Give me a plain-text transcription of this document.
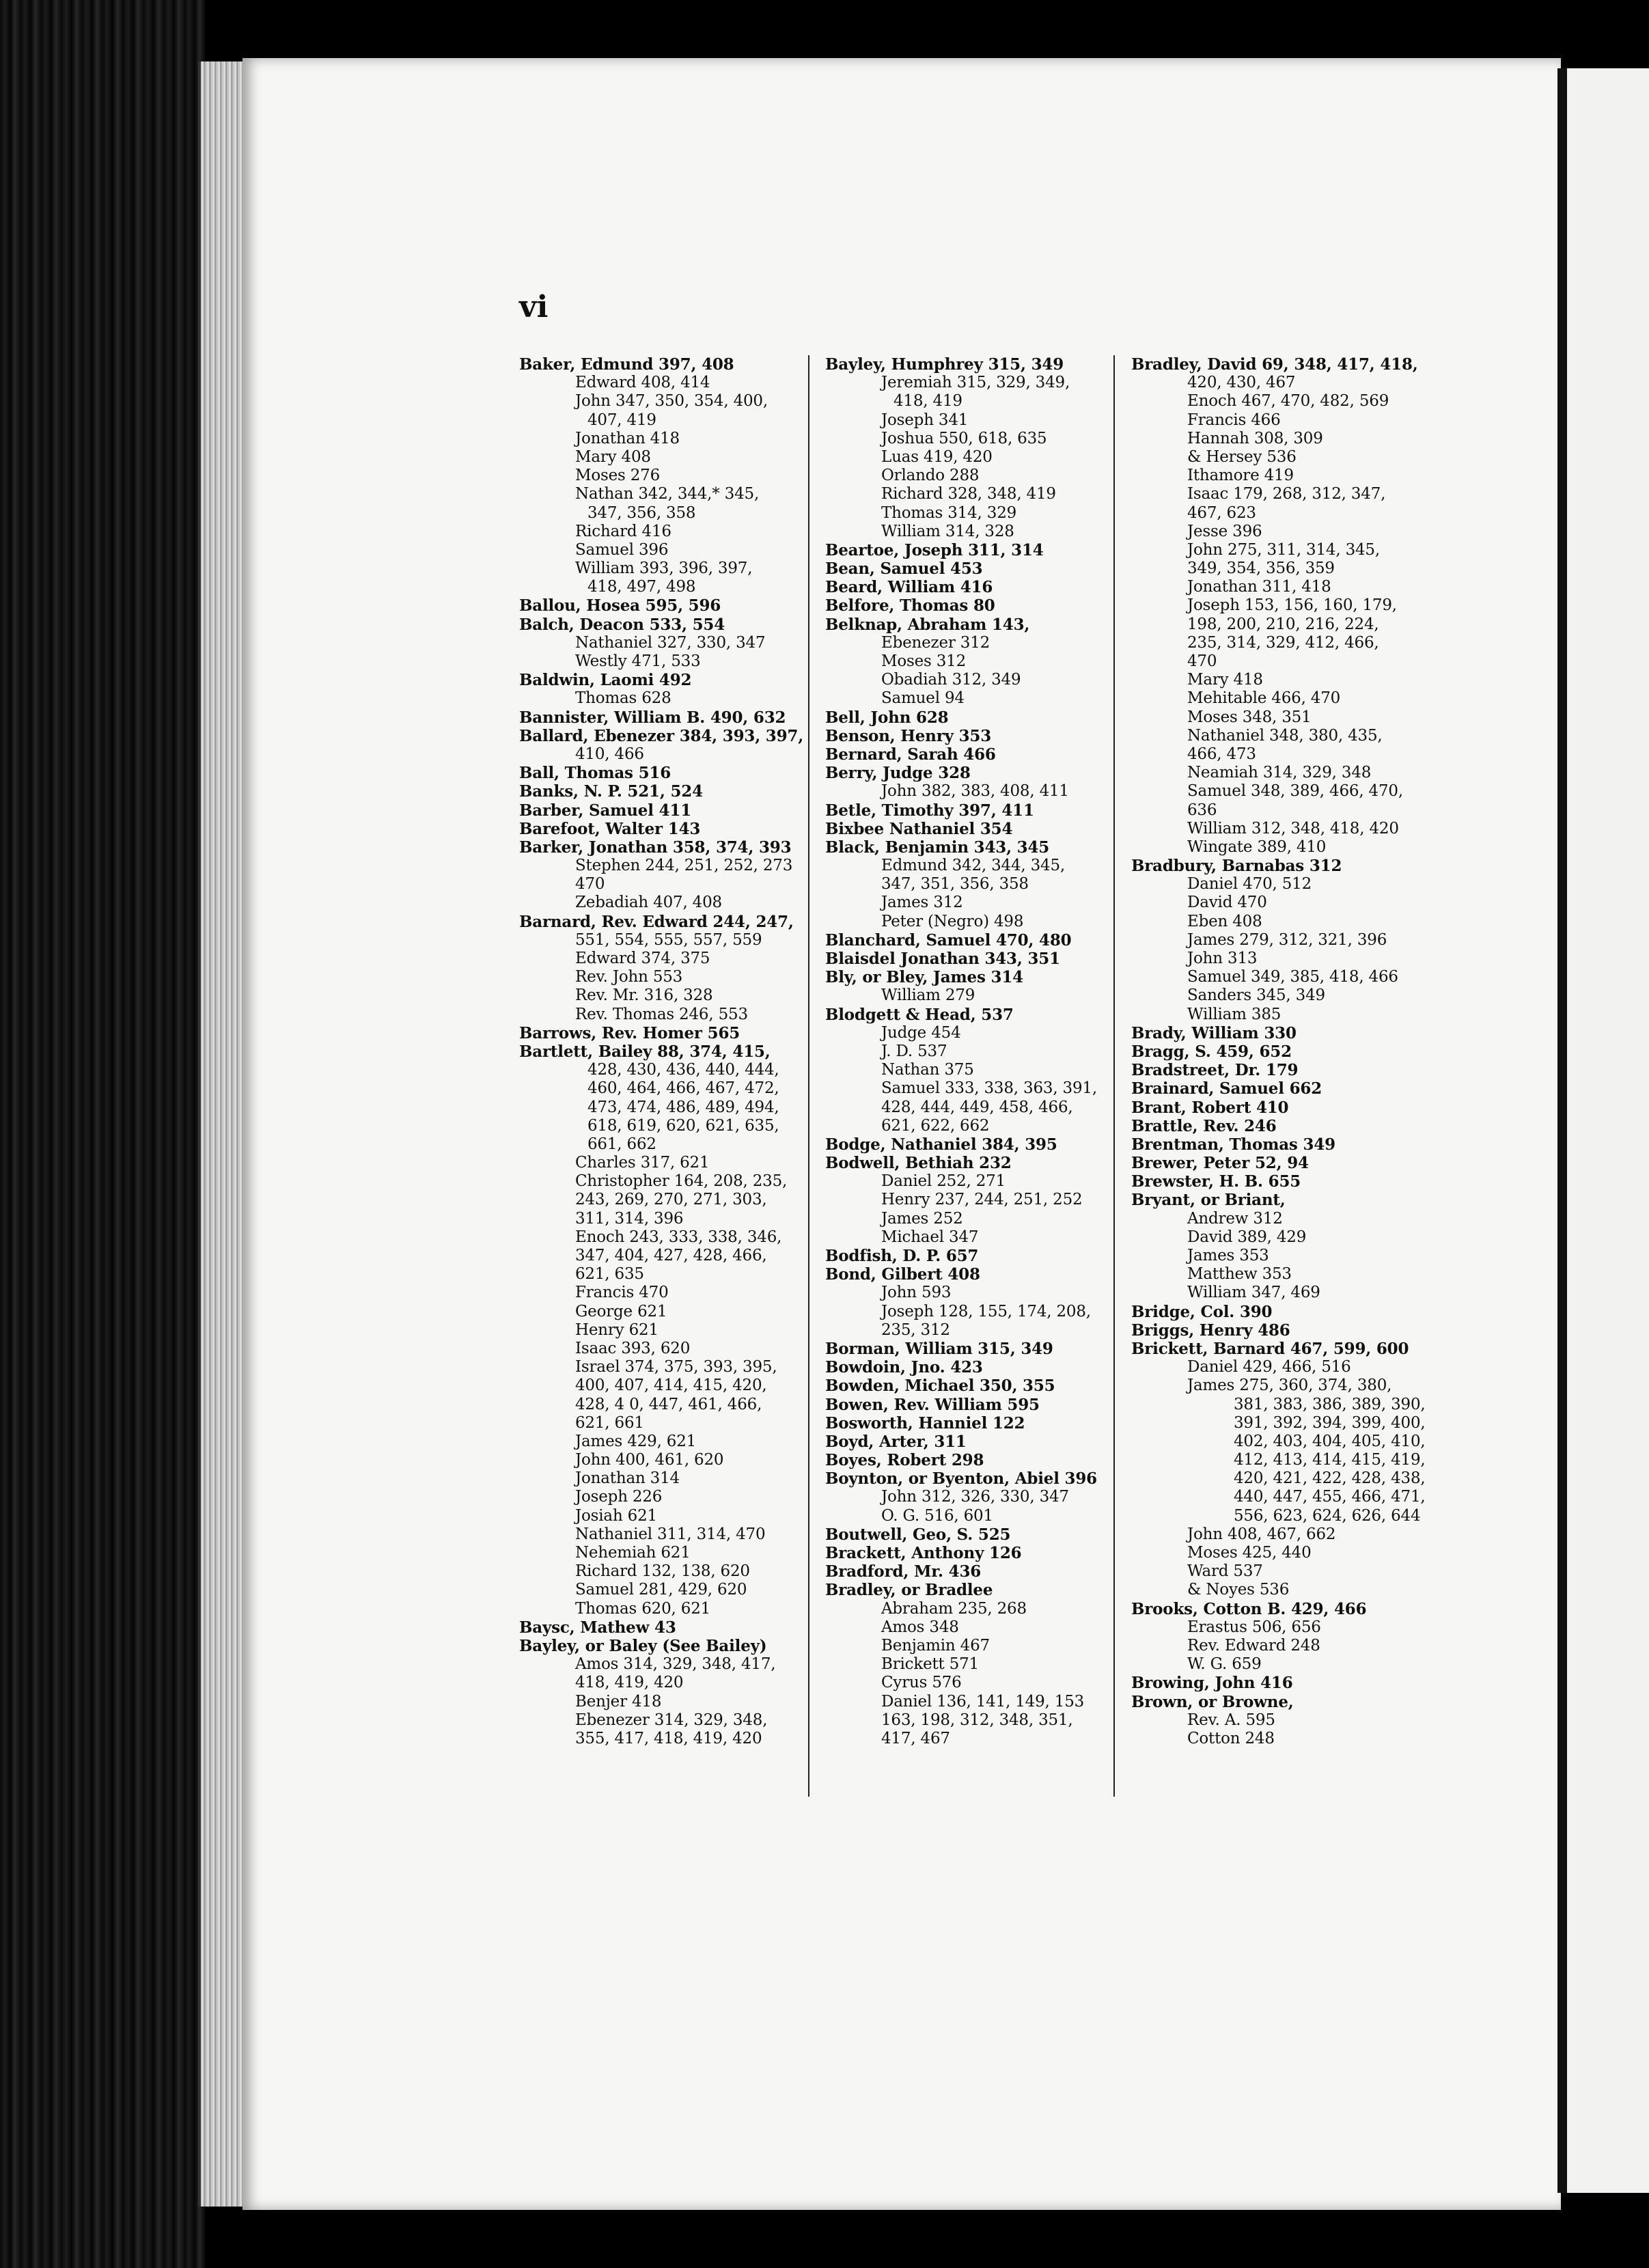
vi
Baker, Edmund 397, 408
Edward 408, 414
John 347, 350, 354, 400,
407, 419
Jonathan 418
Mary 408
Moses 276
Nathan 342, 344,* 345,
347, 356, 358
Richard 416
Samuel 396
William 393, 396, 397,
418, 497, 498
Ballou, Hosea 595, 596
Balch, Deacon 533, 554
Nathaniel 327, 330, 347
Westly 471, 533
Baldwin, Laomi 492
Thomas 628
Bannister, William B. 490, 632
Ballard, Ebenezer 384, 393, 397,
410, 466
Ball, Thomas 516
Banks, N. P. 521, 524
Barber, Samuel 411
Barefoot, Walter 143
Barker, Jonathan 358, 374, 393
Stephen 244, 251, 252, 273
470
Zebadiah 407, 408
Barnard, Rev. Edward 244, 247,
551, 554, 555, 557, 559
Edward 374, 375
Rev. John 553
Rev. Mr. 316, 328
Rev. Thomas 246, 553
Barrows, Rev. Homer 565
Bartlett, Bailey 88, 374, 415,
428, 430, 436, 440, 444,
460, 464, 466, 467, 472,
473, 474, 486, 489, 494,
618, 619, 620, 621, 635,
661, 662
Charles 317, 621
Christopher 164, 208, 235,
243, 269, 270, 271, 303,
311, 314, 396
Enoch 243, 333, 338, 346,
347, 404, 427, 428, 466,
621, 635
Francis 470
George 621
Henry 621
Isaac 393, 620
Israel 374, 375, 393, 395,
400, 407, 414, 415, 420,
428, 4 0, 447, 461, 466,
621, 661
James 429, 621
John 400, 461, 620
Jonathan 314
Joseph 226
Josiah 621
Nathaniel 311, 314, 470
Nehemiah 621
Richard 132, 138, 620
Samuel 281, 429, 620
Thomas 620, 621
Baysc, Mathew 43
Bayley, or Baley (See Bailey)
Amos 314, 329, 348, 417,
418, 419, 420
Benjer 418
Ebenezer 314, 329, 348,
355, 417, 418, 419, 420
Bayley, Humphrey 315, 349
Jeremiah 315, 329, 349,
418, 419
Joseph 341
Joshua 550, 618, 635
Luas 419, 420
Orlando 288
Richard 328, 348, 419
Thomas 314, 329
William 314, 328
Beartoe, Joseph 311, 314
Bean, Samuel 453
Beard, William 416
Belfore, Thomas 80
Belknap, Abraham 143,
Ebenezer 312
Moses 312
Obadiah 312, 349
Samuel 94
Bell, John 628
Benson, Henry 353
Bernard, Sarah 466
Berry, Judge 328
John 382, 383, 408, 411
Betle, Timothy 397, 411
Bixbee Nathaniel 354
Black, Benjamin 343, 345
Edmund 342, 344, 345,
347, 351, 356, 358
James 312
Peter (Negro) 498
Blanchard, Samuel 470, 480
Blaisdel Jonathan 343, 351
Bly, or Bley, James 314
William 279
Blodgett & Head, 537
Judge 454
J. D. 537
Nathan 375
Samuel 333, 338, 363, 391,
428, 444, 449, 458, 466,
621, 622, 662
Bodge, Nathaniel 384, 395
Bodwell, Bethiah 232
Daniel 252, 271
Henry 237, 244, 251, 252
James 252
Michael 347
Bodfish, D. P. 657
Bond, Gilbert 408
John 593
Joseph 128, 155, 174, 208,
235, 312
Borman, William 315, 349
Bowdoin, Jno. 423
Bowden, Michael 350, 355
Bowen, Rev. William 595
Bosworth, Hanniel 122
Boyd, Arter, 311
Boyes, Robert 298
Boynton, or Byenton, Abiel 396
John 312, 326, 330, 347
O. G. 516, 601
Boutwell, Geo, S. 525
Brackett, Anthony 126
Bradford, Mr. 436
Bradley, or Bradlee
Abraham 235, 268
Amos 348
Benjamin 467
Brickett 571
Cyrus 576
Daniel 136, 141, 149, 153
163, 198, 312, 348, 351,
417, 467
Bradley, David 69, 348, 417, 418,
420, 430, 467
Enoch 467, 470, 482, 569
Francis 466
Hannah 308, 309
& Hersey 536
Ithamore 419
Isaac 179, 268, 312, 347,
467, 623
Jesse 396
John 275, 311, 314, 345,
349, 354, 356, 359
Jonathan 311, 418
Joseph 153, 156, 160, 179,
198, 200, 210, 216, 224,
235, 314, 329, 412, 466,
470
Mary 418
Mehitable 466, 470
Moses 348, 351
Nathaniel 348, 380, 435,
466, 473
Neamiah 314, 329, 348
Samuel 348, 389, 466, 470,
636
William 312, 348, 418, 420
Wingate 389, 410
Bradbury, Barnabas 312
Daniel 470, 512
David 470
Eben 408
James 279, 312, 321, 396
John 313
Samuel 349, 385, 418, 466
Sanders 345, 349
William 385
Brady, William 330
Bragg, S. 459, 652
Bradstreet, Dr. 179
Brainard, Samuel 662
Brant, Robert 410
Brattle, Rev. 246
Brentman, Thomas 349
Brewer, Peter 52, 94
Brewster, H. B. 655
Bryant, or Briant,
Andrew 312
David 389, 429
James 353
Matthew 353
William 347, 469
Bridge, Col. 390
Briggs, Henry 486
Brickett, Barnard 467, 599, 600
Daniel 429, 466, 516
James 275, 360, 374, 380,
381, 383, 386, 389, 390,
391, 392, 394, 399, 400,
402, 403, 404, 405, 410,
412, 413, 414, 415, 419,
420, 421, 422, 428, 438,
440, 447, 455, 466, 471,
556, 623, 624, 626, 644
John 408, 467, 662
Moses 425, 440
Ward 537
& Noyes 536
Brooks, Cotton B. 429, 466
Erastus 506, 656
Rev. Edward 248
W. G. 659
Browing, John 416
Brown, or Browne,
Rev. A. 595
Cotton 248
